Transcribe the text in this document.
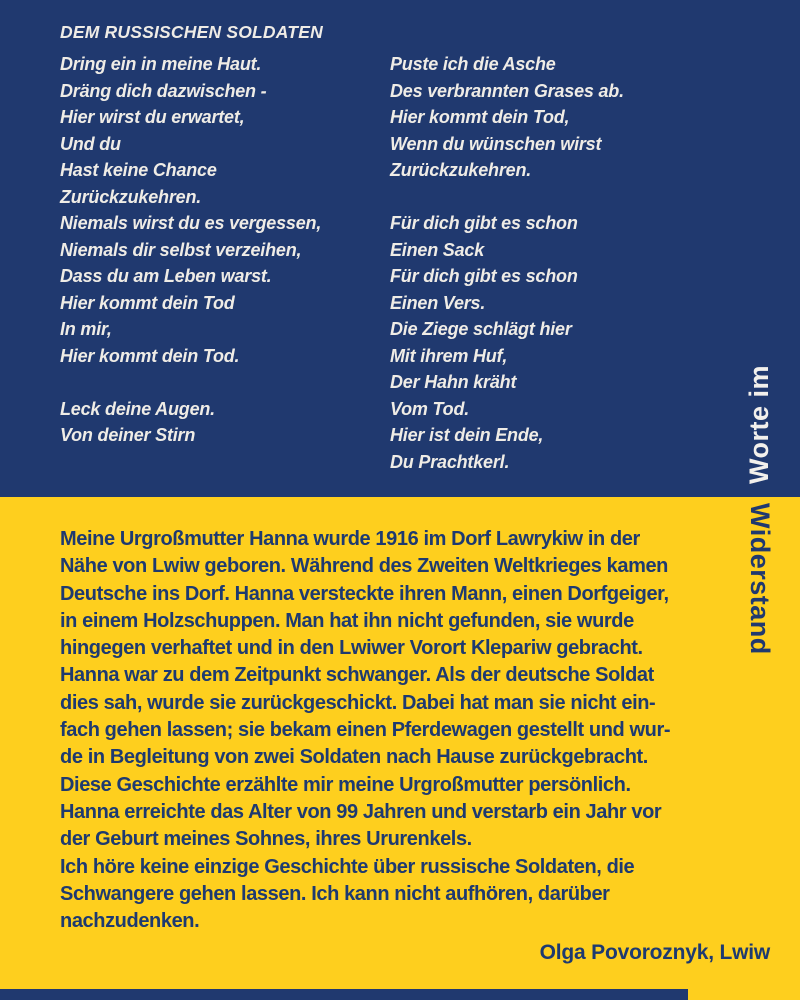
DEM RUSSISCHEN SOLDATEN
Dring ein in meine Haut.
Dräng dich dazwischen -
Hier wirst du erwartet,
Und du
Hast keine Chance
Zurückzukehren.
Niemals wirst du es vergessen,
Niemals dir selbst verzeihen,
Dass du am Leben warst.
Hier kommt dein Tod
In mir,
Hier kommt dein Tod.
Leck deine Augen.
Von deiner Stirn
Puste ich die Asche
Des verbrannten Grases ab.
Hier kommt dein Tod,
Wenn du wünschen wirst
Zurückzukehren.
Für dich gibt es schon
Einen Sack
Für dich gibt es schon
Einen Vers.
Die Ziege schlägt hier
Mit ihrem Huf,
Der Hahn kräht
Vom Tod.
Hier ist dein Ende,
Du Prachtkerl.	Worte im
Widerstand
Meine Urgroßmutter Hanna wurde 1916 im Dorf Lawrykiw in der
Nähe von Lwiw geboren. Während des Zweiten Weltkrieges kamen
Deutsche ins Dorf. Hanna versteckte ihren Mann, einen Dorfgeiger,
in einem Holzschuppen. Man hat ihn nicht gefunden, sie wurde
hingegen verhaftet und in den Lwiwer Vorort Klepariw gebracht.
Hanna war zu dem Zeitpunkt schwanger. Als der deutsche Soldat
dies sah, wurde sie zurückgeschickt. Dabei hat man sie nicht ein-
fach gehen lassen; sie bekam einen Pferdewagen gestellt und wur-
de in Begleitung von zwei Soldaten nach Hause zurückgebracht.
Diese Geschichte erzählte mir meine Urgroßmutter persönlich.
Hanna erreichte das Alter von 99 Jahren und verstarb ein Jahr vor
der Geburt meines Sohnes, ihres Ururenkels.
Ich höre keine einzige Geschichte über russische Soldaten, die
Schwangere gehen lassen. Ich kann nicht aufhören, darüber
nachzudenken.
Olga Povoroznyk, Lwiw
